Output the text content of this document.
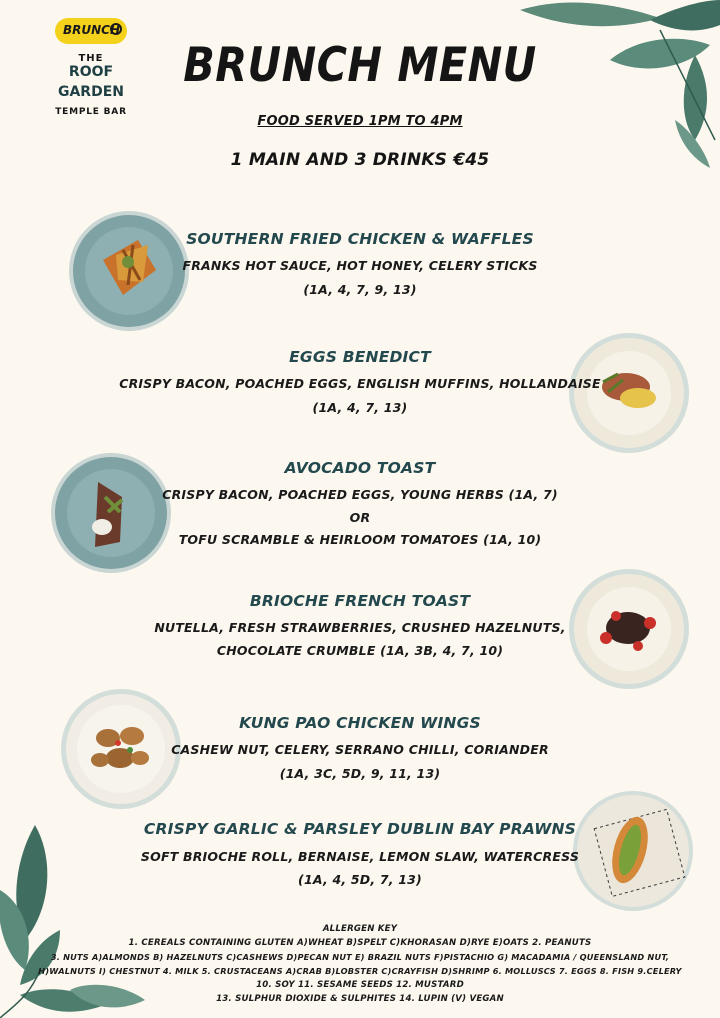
BRUNCH
THE
ROOF
GARDEN
TEMPLE BAR
BRUNCH MENU
FOOD SERVED 1PM TO 4PM
1 MAIN AND 3 DRINKS €45
SOUTHERN FRIED CHICKEN & WAFFLES
FRANKS HOT SAUCE, HOT HONEY, CELERY STICKS
(1A, 4, 7, 9, 13)
EGGS BENEDICT
CRISPY BACON, POACHED EGGS, ENGLISH MUFFINS, HOLLANDAISE
(1A, 4, 7, 13)
AVOCADO TOAST
CRISPY BACON, POACHED EGGS, YOUNG HERBS (1A, 7)
OR
TOFU SCRAMBLE & HEIRLOOM TOMATOES (1A, 10)
BRIOCHE FRENCH TOAST
NUTELLA, FRESH STRAWBERRIES, CRUSHED HAZELNUTS,
CHOCOLATE CRUMBLE (1A, 3B, 4, 7, 10)
KUNG PAO CHICKEN WINGS
CASHEW NUT, CELERY, SERRANO CHILLI, CORIANDER
(1A, 3C, 5D, 9, 11, 13)
CRISPY GARLIC & PARSLEY DUBLIN BAY PRAWNS
SOFT BRIOCHE ROLL, BERNAISE, LEMON SLAW, WATERCRESS
(1A, 4, 5D, 7, 13)
ALLERGEN KEY
1. CEREALS CONTAINING GLUTEN A)WHEAT B)SPELT C)KHORASAN D)RYE E)OATS 2. PEANUTS
3. NUTS A)ALMONDS B) HAZELNUTS C)CASHEWS D)PECAN NUT E) BRAZIL NUTS F)PISTACHIO G) MACADAMIA / QUEENSLAND NUT,
H)WALNUTS I) CHESTNUT 4. MILK 5. CRUSTACEANS A)CRAB B)LOBSTER C)CRAYFISH D)SHRIMP 6. MOLLUSCS 7. EGGS 8. FISH 9.CELERY
10. SOY 11. SESAME SEEDS 12. MUSTARD
13. SULPHUR DIOXIDE & SULPHITES 14. LUPIN (V) VEGAN
